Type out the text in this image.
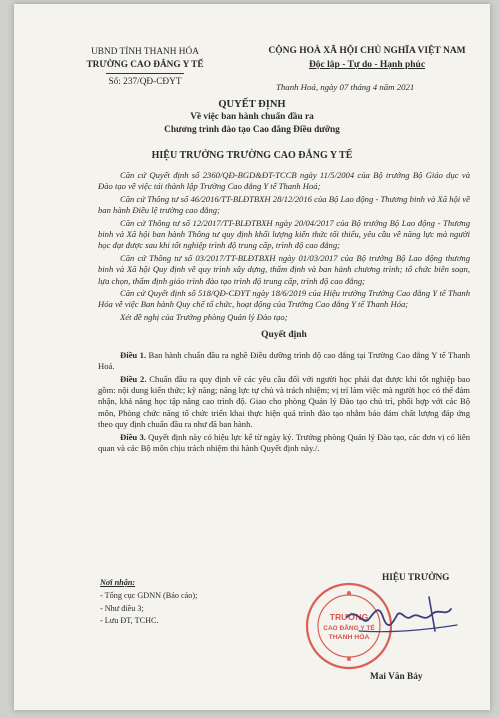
UBND TỈNH THANH HÓA
TRƯỜNG CAO ĐẲNG Y TẾ
Số: 237/QĐ-CĐYT
CỘNG HOÀ XÃ HỘI CHỦ NGHĨA VIỆT NAM
Độc lập - Tự do - Hạnh phúc
Thanh Hoá, ngày 07 tháng 4 năm 2021
QUYẾT ĐỊNH
Về việc ban hành chuẩn đầu ra
Chương trình đào tạo Cao đẳng Điều dưỡng
HIỆU TRƯỞNG TRƯỜNG CAO ĐẲNG Y TẾ

Căn cứ Quyết định số 2360/QĐ-BGD&ĐT-TCCB ngày 11/5/2004 của Bộ trưởng Bộ Giáo dục và Đào tạo về việc tái thành lập Trường Cao đẳng Y tế Thanh Hoá;

Căn cứ Thông tư số 46/2016/TT-BLĐTBXH 28/12/2016 của Bộ Lao động - Thương binh và Xã hội về ban hành Điều lệ trường cao đẳng;

Căn cứ Thông tư số 12/2017/TT-BLĐTBXH ngày 20/04/2017 của Bộ trưởng Bộ Lao động - Thương binh và Xã hội ban hành Thông tư quy định khối lượng kiến thức tối thiểu, yêu cầu về năng lực mà người học đạt được sau khi tốt nghiệp trình độ trung cấp, trình độ cao đẳng;

Căn cứ Thông tư số 03/2017/TT-BLĐTBXH ngày 01/03/2017 của Bộ trưởng Bộ Lao động thương binh và Xã hội Quy định về quy trình xây dựng, thẩm định và ban hành chương trình; tổ chức biên soạn, lựa chọn, thẩm định giáo trình đào tạo trình độ trung cấp, trình độ cao đẳng;

Căn cứ Quyết định số 518/QĐ-CĐYT ngày 18/6/2019 của Hiệu trưởng Trường Cao đẳng Y tế Thanh Hóa về việc Ban hành Quy chế tổ chức, hoạt động của Trường Cao đẳng Y tế Thanh Hóa;

Xét đề nghị của Trưởng phòng Quản lý Đào tạo;

Quyết định

Điều 1. Ban hành chuẩn đầu ra nghề Điều dưỡng trình độ cao đẳng tại Trường Cao đẳng Y tế Thanh Hoá.

Điều 2. Chuẩn đầu ra quy định về các yêu cầu đối với người học phải đạt được khi tốt nghiệp bao gồm: nội dung kiến thức; kỹ năng; năng lực tự chủ và trách nhiệm; vị trí làm việc mà người học có thể đảm nhận, khả năng học tập nâng cao trình độ. Giao cho phòng Quản lý Đào tạo chủ trì, phối hợp với các Bộ môn, Phòng chức năng tổ chức triển khai thực hiện quá trình đào tạo nhằm bảo đảm chất lượng đáp ứng theo quy định chuẩn đầu ra như đã ban hành.

Điều 3. Quyết định này có hiệu lực kể từ ngày ký. Trưởng phòng Quản lý Đào tạo, các đơn vị có liên quan và các Bộ môn chịu trách nhiệm thi hành Quyết định này./.

Nơi nhận:
- Tổng cục GDNN (Báo cáo);
- Như điều 3;
- Lưu ĐT, TCHC.
HIỆU TRƯỞNG
TRƯỜNG
CAO ĐẲNG Y TẾ
THANH HÓA
Mai Văn Bảy
